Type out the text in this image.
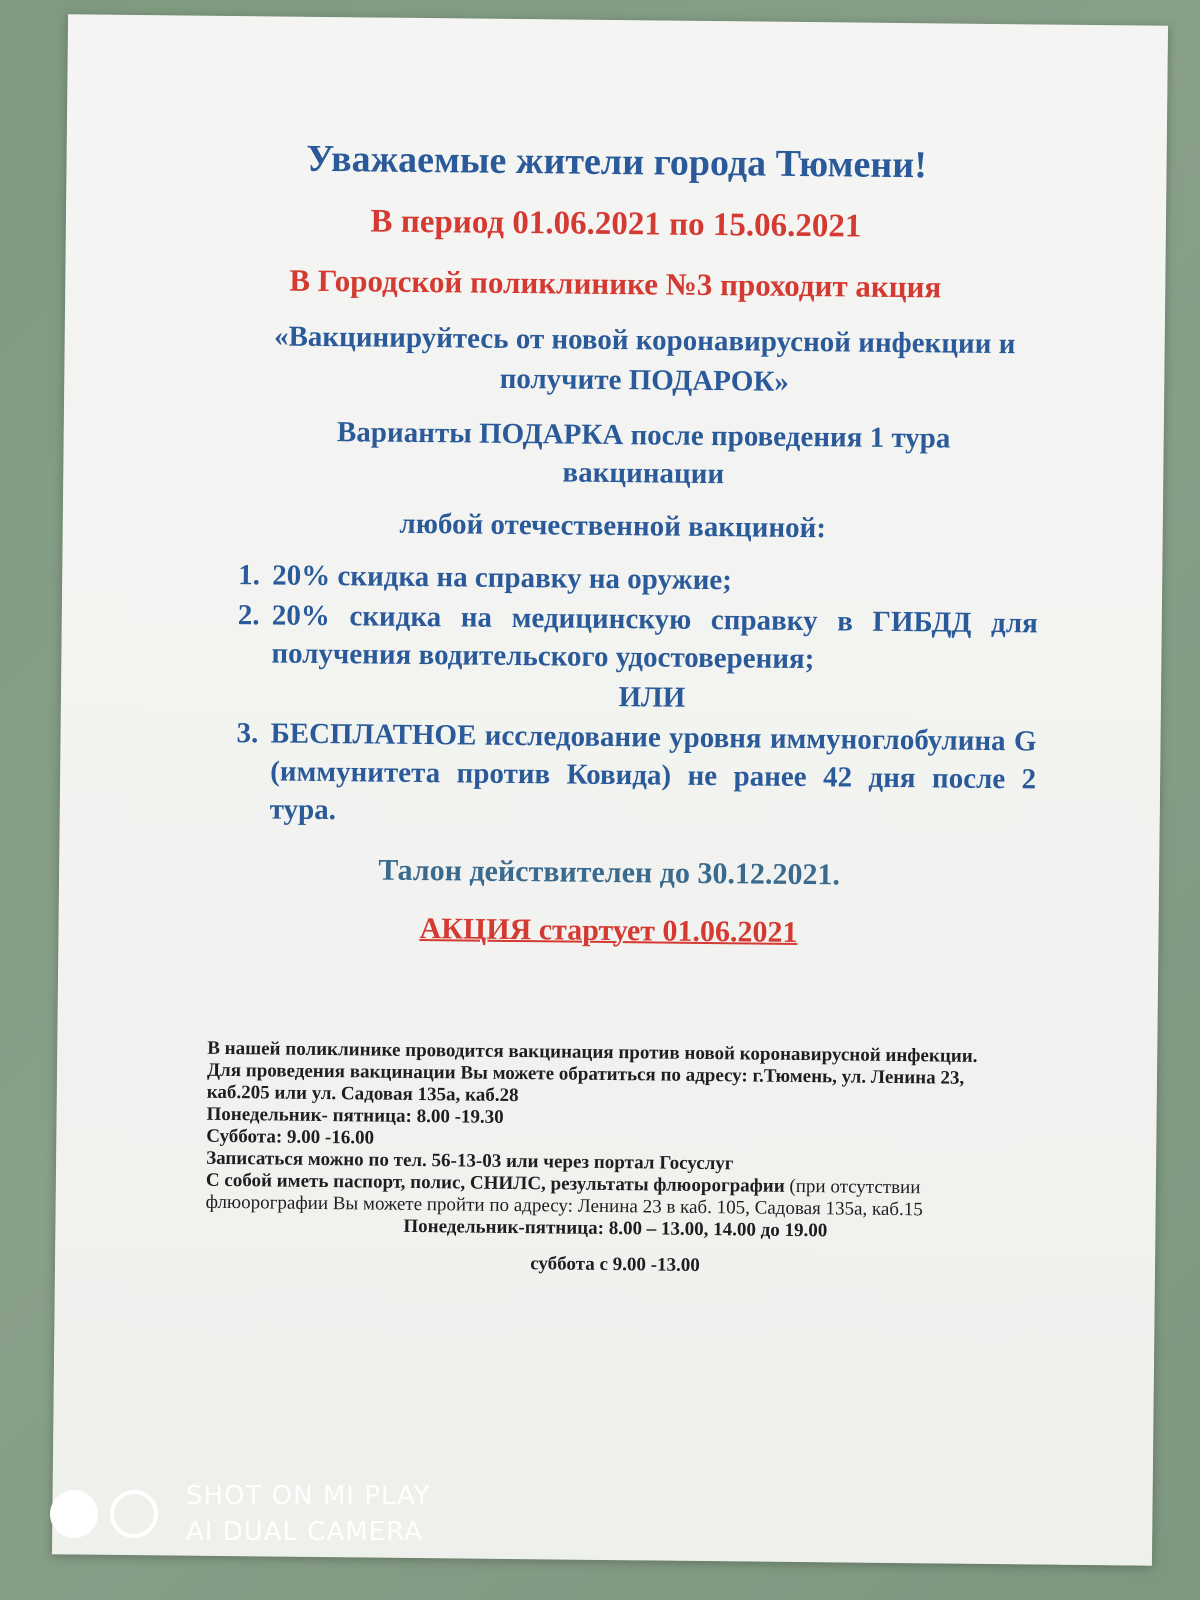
Уважаемые жители города Тюмени!
В период 01.06.2021 по 15.06.2021
В Городской поликлинике №3 проходит акция

«Вакцинируйтесь от новой коронавирусной инфекции и получите ПОДАРОК»

Варианты ПОДАРКА после проведения 1 тура вакцинации

любой отечественной вакциной:

1. 20% скидка на справку на оружие;
2. 20% скидка на медицинскую справку в ГИБДД для получения водительского удостоверения;

ИЛИ

3. БЕСПЛАТНОЕ исследование уровня иммуноглобулина G (иммунитета против Ковида) не ранее 42 дня после 2 тура.

Талон действителен до 30.12.2021.

АКЦИЯ стартует 01.06.2021

В нашей поликлинике проводится вакцинация против новой коронавирусной инфекции.

Для проведения вакцинации Вы можете обратиться по адресу: г.Тюмень, ул. Ленина 23, каб.205 или ул. Садовая 135а, каб.28

Понедельник- пятница: 8.00 -19.30

Суббота: 9.00 -16.00

Записаться можно по тел. 56-13-03 или через портал Госуслуг

С собой иметь паспорт, полис, СНИЛС, результаты флюорографии (при отсутствии флюорографии Вы можете пройти по адресу: Ленина 23 в каб. 105, Садовая 135а, каб.15

Понедельник-пятница: 8.00 – 13.00, 14.00 до 19.00

суббота с 9.00 -13.00

SHOT ON MI PLAY
AI DUAL CAMERA
